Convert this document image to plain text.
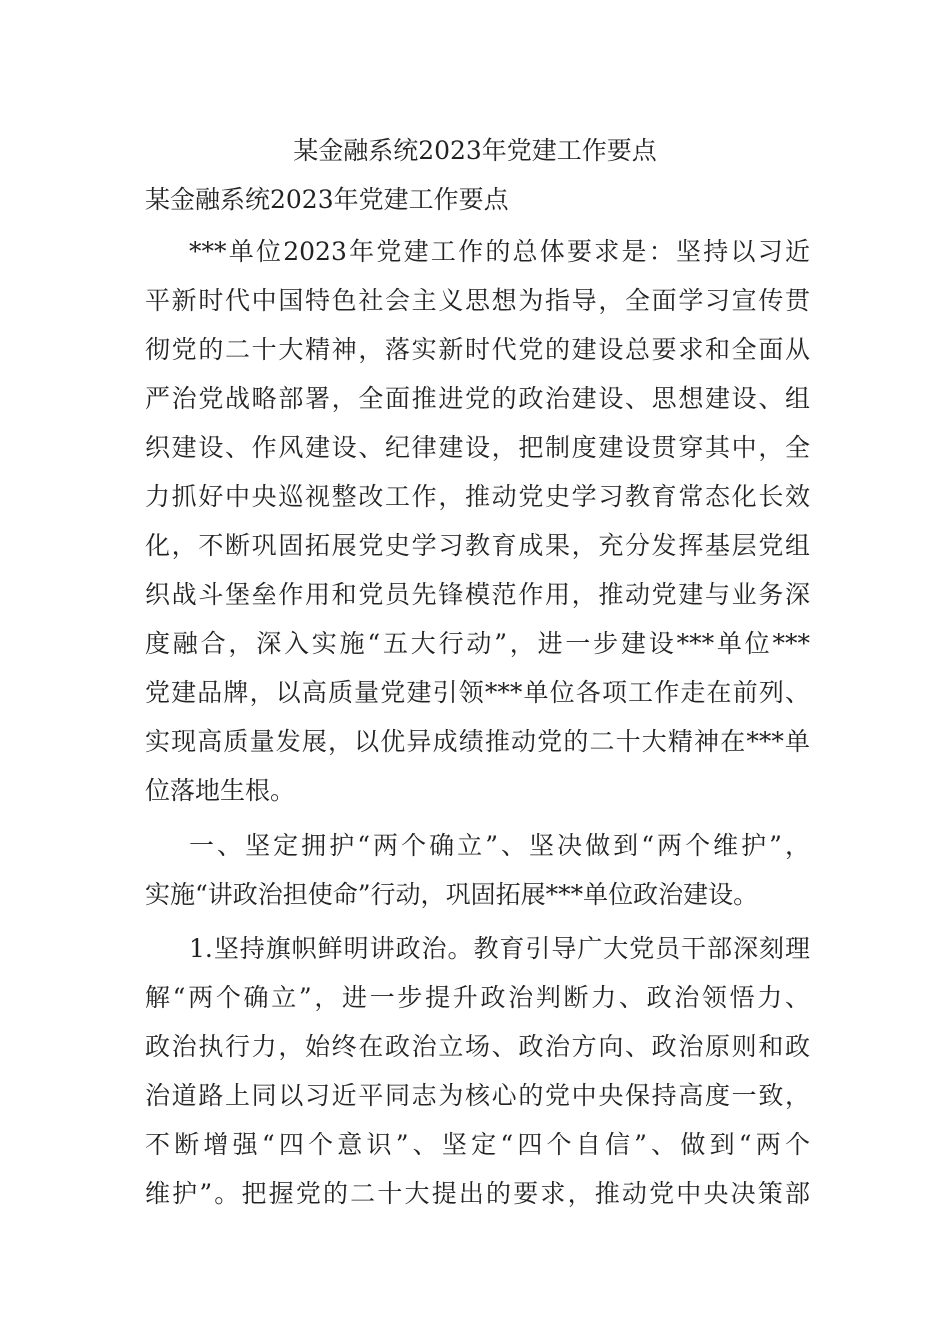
某金融系统2023年党建工作要点
某金融系统2023年党建工作要点
***单位2023年党建工作的总体要求是：坚持以习近
平新时代中国特色社会主义思想为指导，全面学习宣传贯
彻党的二十大精神，落实新时代党的建设总要求和全面从
严治党战略部署，全面推进党的政治建设、思想建设、组
织建设、作风建设、纪律建设，把制度建设贯穿其中，全
力抓好中央巡视整改工作，推动党史学习教育常态化长效
化，不断巩固拓展党史学习教育成果，充分发挥基层党组
织战斗堡垒作用和党员先锋模范作用，推动党建与业务深
度融合，深入实施“五大行动”，进一步建设***单位***
党建品牌，以高质量党建引领***单位各项工作走在前列、
实现高质量发展，以优异成绩推动党的二十大精神在***单
位落地生根。
一、坚定拥护“两个确立”、坚决做到“两个维护”，
实施“讲政治担使命”行动，巩固拓展***单位政治建设。
1.坚持旗帜鲜明讲政治。教育引导广大党员干部深刻理
解“两个确立”，进一步提升政治判断力、政治领悟力、
政治执行力，始终在政治立场、政治方向、政治原则和政
治道路上同以习近平同志为核心的党中央保持高度一致，
不断增强“四个意识”、坚定“四个自信”、做到“两个
维护”。把握党的二十大提出的要求，推动党中央决策部
